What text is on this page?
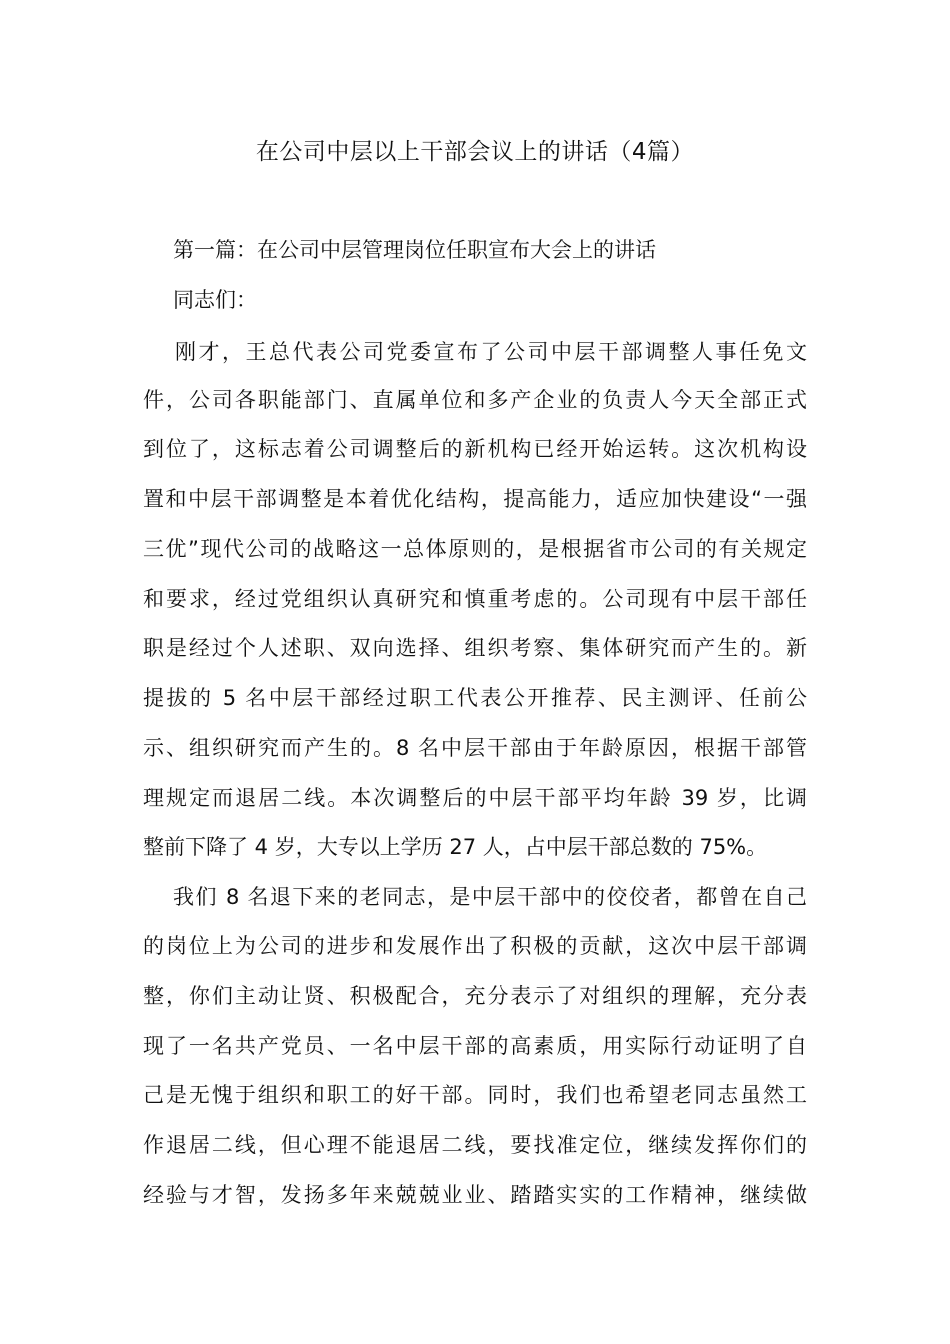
在公司中层以上干部会议上的讲话（4篇）
第一篇：在公司中层管理岗位任职宣布大会上的讲话
同志们：
刚才，王总代表公司党委宣布了公司中层干部调整人事任免文
件，公司各职能部门、直属单位和多产企业的负责人今天全部正式
到位了，这标志着公司调整后的新机构已经开始运转。这次机构设
置和中层干部调整是本着优化结构，提高能力，适应加快建设“一强
三优”现代公司的战略这一总体原则的，是根据省市公司的有关规定
和要求，经过党组织认真研究和慎重考虑的。公司现有中层干部任
职是经过个人述职、双向选择、组织考察、集体研究而产生的。新
提拔的 5 名中层干部经过职工代表公开推荐、民主测评、任前公
示、组织研究而产生的。8 名中层干部由于年龄原因，根据干部管
理规定而退居二线。本次调整后的中层干部平均年龄 39 岁，比调
整前下降了 4 岁，大专以上学历 27 人，占中层干部总数的 75%。
我们 8 名退下来的老同志，是中层干部中的佼佼者，都曾在自己
的岗位上为公司的进步和发展作出了积极的贡献，这次中层干部调
整，你们主动让贤、积极配合，充分表示了对组织的理解，充分表
现了一名共产党员、一名中层干部的高素质，用实际行动证明了自
己是无愧于组织和职工的好干部。同时，我们也希望老同志虽然工
作退居二线，但心理不能退居二线，要找准定位，继续发挥你们的
经验与才智，发扬多年来兢兢业业、踏踏实实的工作精神，继续做
